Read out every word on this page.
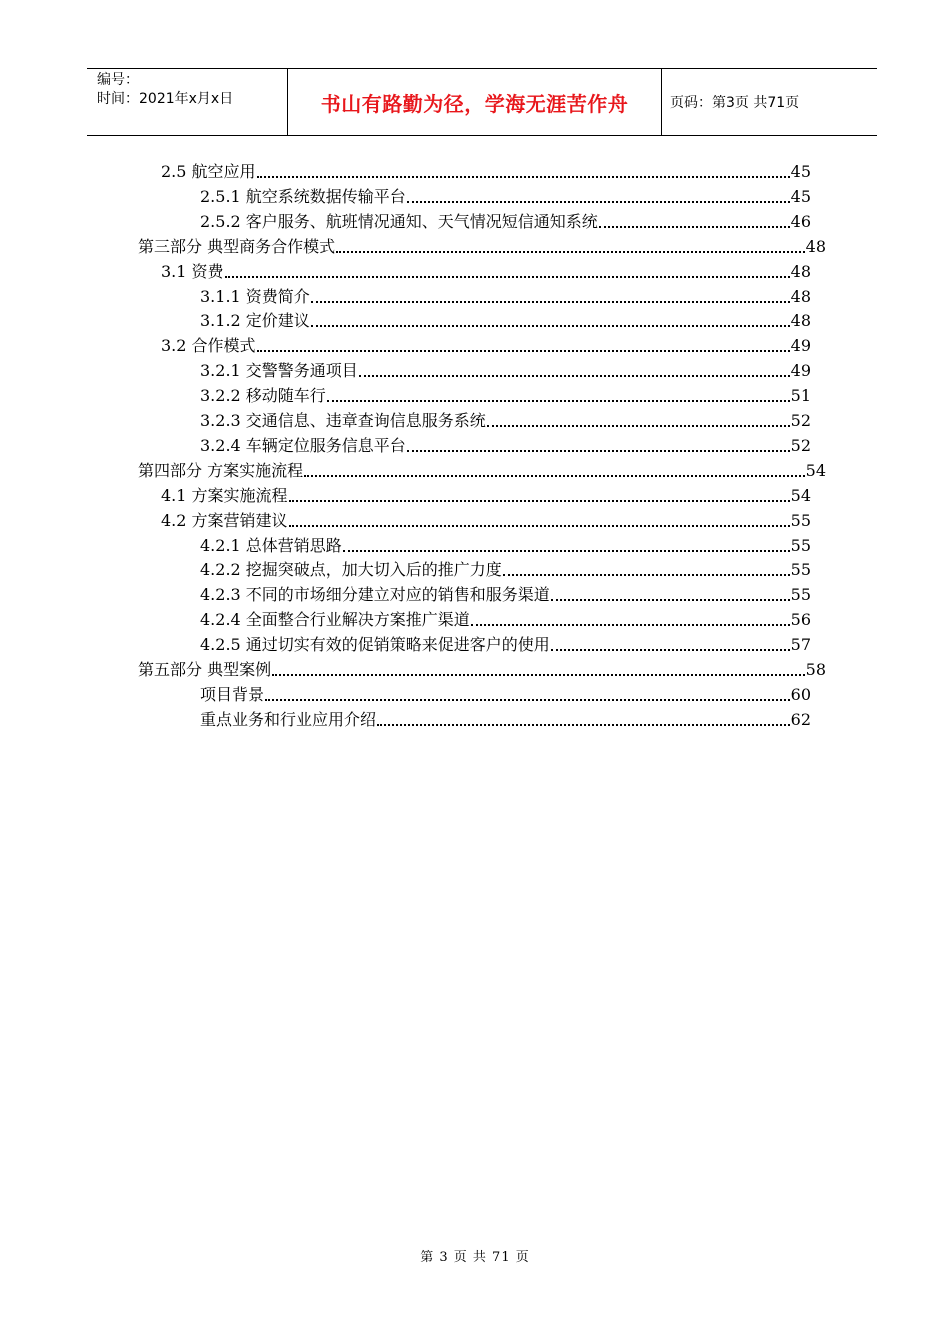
编号：
时间：2021年x月x日	书山有路勤为径，学海无涯苦作舟	页码：第3页 共71页
2.5 航空应用	45
2.5.1 航空系统数据传输平台	45
2.5.2 客户服务、航班情况通知、天气情况短信通知系统	46
第三部分 典型商务合作模式	48
3.1 资费	48
3.1.1 资费简介	48
3.1.2 定价建议	48
3.2 合作模式	49
3.2.1 交警警务通项目	49
3.2.2 移动随车行	51
3.2.3 交通信息、违章查询信息服务系统	52
3.2.4 车辆定位服务信息平台	52
第四部分 方案实施流程	54
4.1 方案实施流程	54
4.2 方案营销建议	55
4.2.1 总体营销思路	55
4.2.2 挖掘突破点，加大切入后的推广力度	55
4.2.3 不同的市场细分建立对应的销售和服务渠道	55
4.2.4 全面整合行业解决方案推广渠道	56
4.2.5 通过切实有效的促销策略来促进客户的使用	57
第五部分 典型案例	58
项目背景	60
重点业务和行业应用介绍	62
第 3 页 共 71 页
